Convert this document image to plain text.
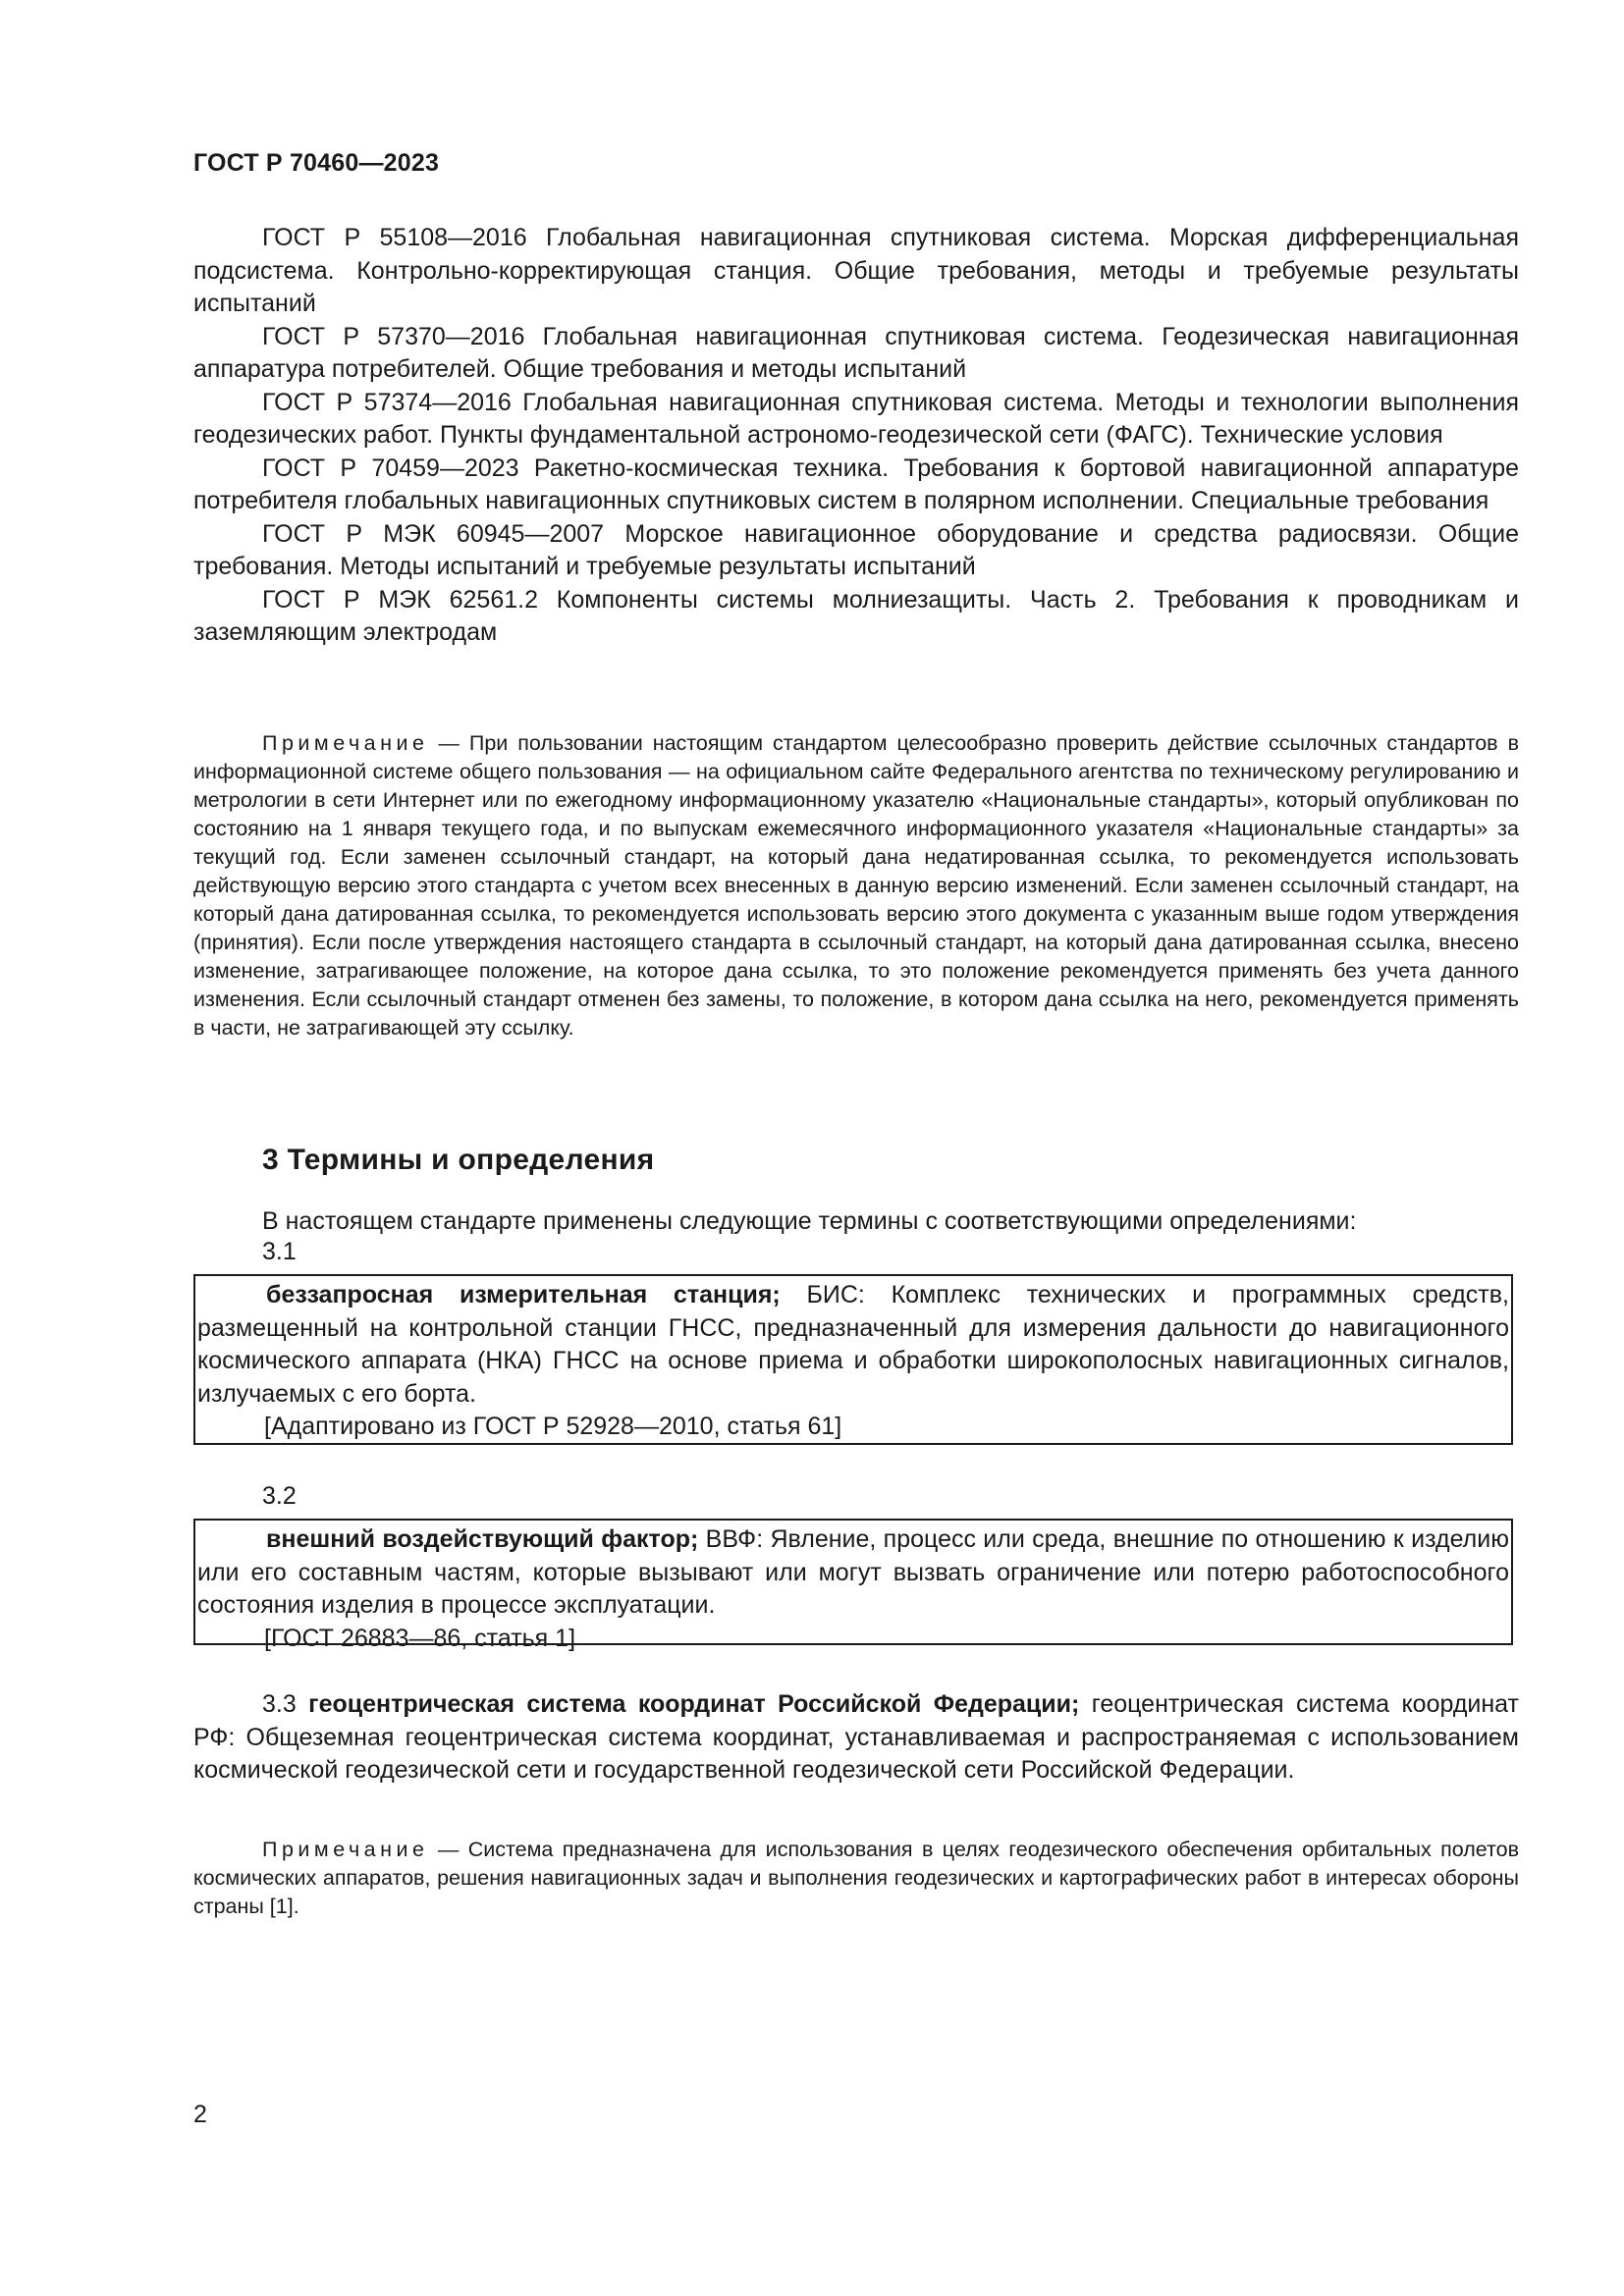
ГОСТ Р 70460—2023

ГОСТ Р 55108—2016 Глобальная навигационная спутниковая система. Морская дифференциальная подсистема. Контрольно-корректирующая станция. Общие требования, методы и требуемые результаты испытаний

ГОСТ Р 57370—2016 Глобальная навигационная спутниковая система. Геодезическая навигационная аппаратура потребителей. Общие требования и методы испытаний

ГОСТ Р 57374—2016 Глобальная навигационная спутниковая система. Методы и технологии выполнения геодезических работ. Пункты фундаментальной астрономо-геодезической сети (ФАГС). Технические условия

ГОСТ Р 70459—2023 Ракетно-космическая техника. Требования к бортовой навигационной аппаратуре потребителя глобальных навигационных спутниковых систем в полярном исполнении. Специальные требования

ГОСТ Р МЭК 60945—2007 Морское навигационное оборудование и средства радиосвязи. Общие требования. Методы испытаний и требуемые результаты испытаний

ГОСТ Р МЭК 62561.2 Компоненты системы молниезащиты. Часть 2. Требования к проводникам и заземляющим электродам

Примечание — При пользовании настоящим стандартом целесообразно проверить действие ссылочных стандартов в информационной системе общего пользования — на официальном сайте Федерального агентства по техническому регулированию и метрологии в сети Интернет или по ежегодному информационному указателю «Национальные стандарты», который опубликован по состоянию на 1 января текущего года, и по выпускам ежемесячного информационного указателя «Национальные стандарты» за текущий год. Если заменен ссылочный стандарт, на который дана недатированная ссылка, то рекомендуется использовать действующую версию этого стандарта с учетом всех внесенных в данную версию изменений. Если заменен ссылочный стандарт, на который дана датированная ссылка, то рекомендуется использовать версию этого документа с указанным выше годом утверждения (принятия). Если после утверждения настоящего стандарта в ссылочный стандарт, на который дана датированная ссылка, внесено изменение, затрагивающее положение, на которое дана ссылка, то это положение рекомендуется применять без учета данного изменения. Если ссылочный стандарт отменен без замены, то положение, в котором дана ссылка на него, рекомендуется применять в части, не затрагивающей эту ссылку.

3 Термины и определения

В настоящем стандарте применены следующие термины с соответствующими определениями:

3.1

беззапросная измерительная станция; БИС: Комплекс технических и программных средств, размещенный на контрольной станции ГНСС, предназначенный для измерения дальности до навигационного космического аппарата (НКА) ГНСС на основе приема и обработки широкополосных навигационных сигналов, излучаемых с его борта.

[Адаптировано из ГОСТ Р 52928—2010, статья 61]

3.2

внешний воздействующий фактор; ВВФ: Явление, процесс или среда, внешние по отношению к изделию или его составным частям, которые вызывают или могут вызвать ограничение или потерю работоспособного состояния изделия в процессе эксплуатации.

[ГОСТ 26883—86, статья 1]

3.3 геоцентрическая система координат Российской Федерации; геоцентрическая система координат РФ: Общеземная геоцентрическая система координат, устанавливаемая и распространяемая с использованием космической геодезической сети и государственной геодезической сети Российской Федерации.

Примечание — Система предназначена для использования в целях геодезического обеспечения орбитальных полетов космических аппаратов, решения навигационных задач и выполнения геодезических и картографических работ в интересах обороны страны [1].

2
